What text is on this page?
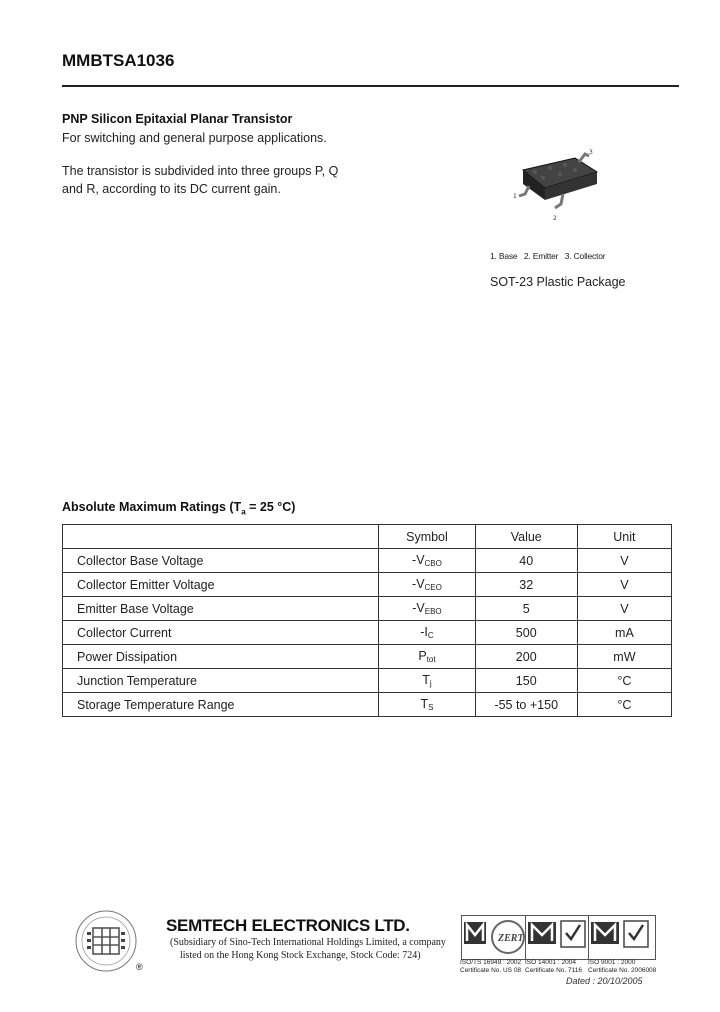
MMBTSA1036
PNP Silicon Epitaxial Planar Transistor
For switching and general purpose applications.
The transistor is subdivided into three groups P, Q and R, according to its DC current gain.
2
1
3
1. Base   2. Emitter   3. Collector
SOT-23 Plastic Package
Absolute Maximum Ratings ($T_a = 25$ °C)
	Symbol	Value	Unit
Collector Base Voltage	-VCBO	40	V
Collector Emitter Voltage	-VCEO	32	V
Emitter Base Voltage	-VEBO	5	V
Collector Current	-IC	500	mA
Power Dissipation	Ptot	200	mW
Junction Temperature	Tj	150	°C
Storage Temperature Range	TS	-55 to +150	°C
®
SEMTECH ELECTRONICS LTD.
(Subsidiary of Sino-Tech International Holdings Limited, a company
listed on the Hong Kong Stock Exchange, Stock Code: 724)
ZERT
ISO/TS 16949 : 2002
Certificate No. US 08
ISO 14001 : 2004
Certificate No. 7116
ISO 9001 : 2000
Certificate No. 2006008
Dated : 20/10/2005
